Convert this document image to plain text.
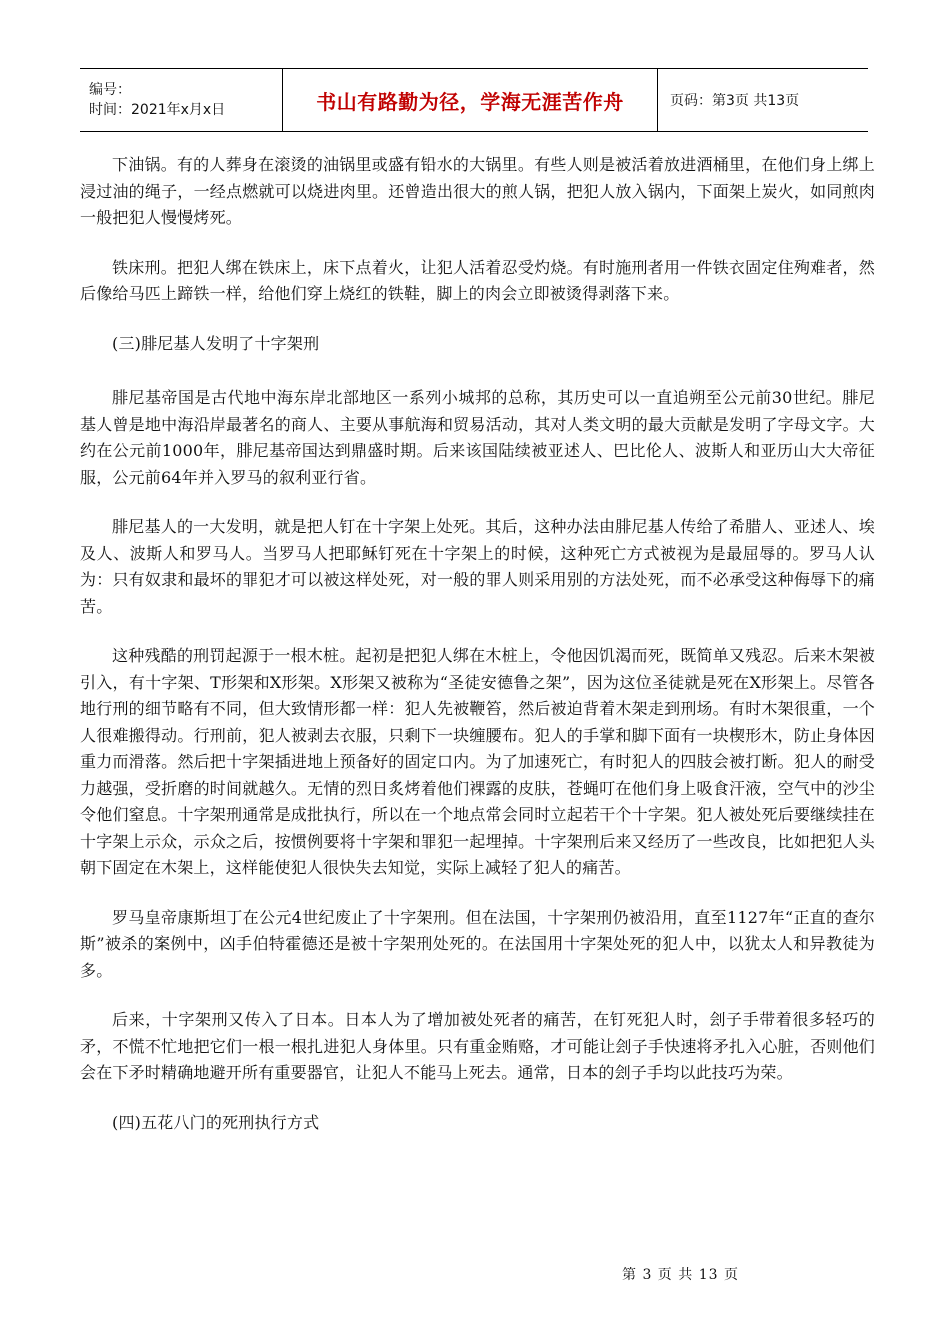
编号：
时间：2021年x月x日	书山有路勤为径，学海无涯苦作舟	页码：第3页 共13页

下油锅。有的人葬身在滚烫的油锅里或盛有铅水的大锅里。有些人则是被活着放进酒桶里，在他们身上绑上浸过油的绳子，一经点燃就可以烧进肉里。还曾造出很大的煎人锅，把犯人放入锅内，下面架上炭火，如同煎肉一般把犯人慢慢烤死。

铁床刑。把犯人绑在铁床上，床下点着火，让犯人活着忍受灼烧。有时施刑者用一件铁衣固定住殉难者，然后像给马匹上蹄铁一样，给他们穿上烧红的铁鞋，脚上的肉会立即被烫得剥落下来。

(三)腓尼基人发明了十字架刑

腓尼基帝国是古代地中海东岸北部地区一系列小城邦的总称，其历史可以一直追朔至公元前30世纪。腓尼基人曾是地中海沿岸最著名的商人、主要从事航海和贸易活动，其对人类文明的最大贡献是发明了字母文字。大约在公元前1000年，腓尼基帝国达到鼎盛时期。后来该国陆续被亚述人、巴比伦人、波斯人和亚历山大大帝征服，公元前64年并入罗马的叙利亚行省。

腓尼基人的一大发明，就是把人钉在十字架上处死。其后，这种办法由腓尼基人传给了希腊人、亚述人、埃及人、波斯人和罗马人。当罗马人把耶稣钉死在十字架上的时候，这种死亡方式被视为是最屈辱的。罗马人认为：只有奴隶和最坏的罪犯才可以被这样处死，对一般的罪人则采用别的方法处死，而不必承受这种侮辱下的痛苦。

这种残酷的刑罚起源于一根木桩。起初是把犯人绑在木桩上，令他因饥渴而死，既简单又残忍。后来木架被引入，有十字架、T形架和X形架。X形架又被称为“圣徒安德鲁之架”，因为这位圣徒就是死在X形架上。尽管各地行刑的细节略有不同，但大致情形都一样：犯人先被鞭笞，然后被迫背着木架走到刑场。有时木架很重，一个人很难搬得动。行刑前，犯人被剥去衣服，只剩下一块缠腰布。犯人的手掌和脚下面有一块楔形木，防止身体因重力而滑落。然后把十字架插进地上预备好的固定口内。为了加速死亡，有时犯人的四肢会被打断。犯人的耐受力越强，受折磨的时间就越久。无情的烈日炙烤着他们裸露的皮肤，苍蝇叮在他们身上吸食汗液，空气中的沙尘令他们窒息。十字架刑通常是成批执行，所以在一个地点常会同时立起若干个十字架。犯人被处死后要继续挂在十字架上示众，示众之后，按惯例要将十字架和罪犯一起埋掉。十字架刑后来又经历了一些改良，比如把犯人头朝下固定在木架上，这样能使犯人很快失去知觉，实际上减轻了犯人的痛苦。

罗马皇帝康斯坦丁在公元4世纪废止了十字架刑。但在法国，十字架刑仍被沿用，直至1127年“正直的查尔斯”被杀的案例中，凶手伯特霍德还是被十字架刑处死的。在法国用十字架处死的犯人中，以犹太人和异教徒为多。

后来，十字架刑又传入了日本。日本人为了增加被处死者的痛苦，在钉死犯人时，刽子手带着很多轻巧的矛，不慌不忙地把它们一根一根扎进犯人身体里。只有重金贿赂，才可能让刽子手快速将矛扎入心脏，否则他们会在下矛时精确地避开所有重要器官，让犯人不能马上死去。通常，日本的刽子手均以此技巧为荣。

(四)五花八门的死刑执行方式

第 3 页 共 13 页
